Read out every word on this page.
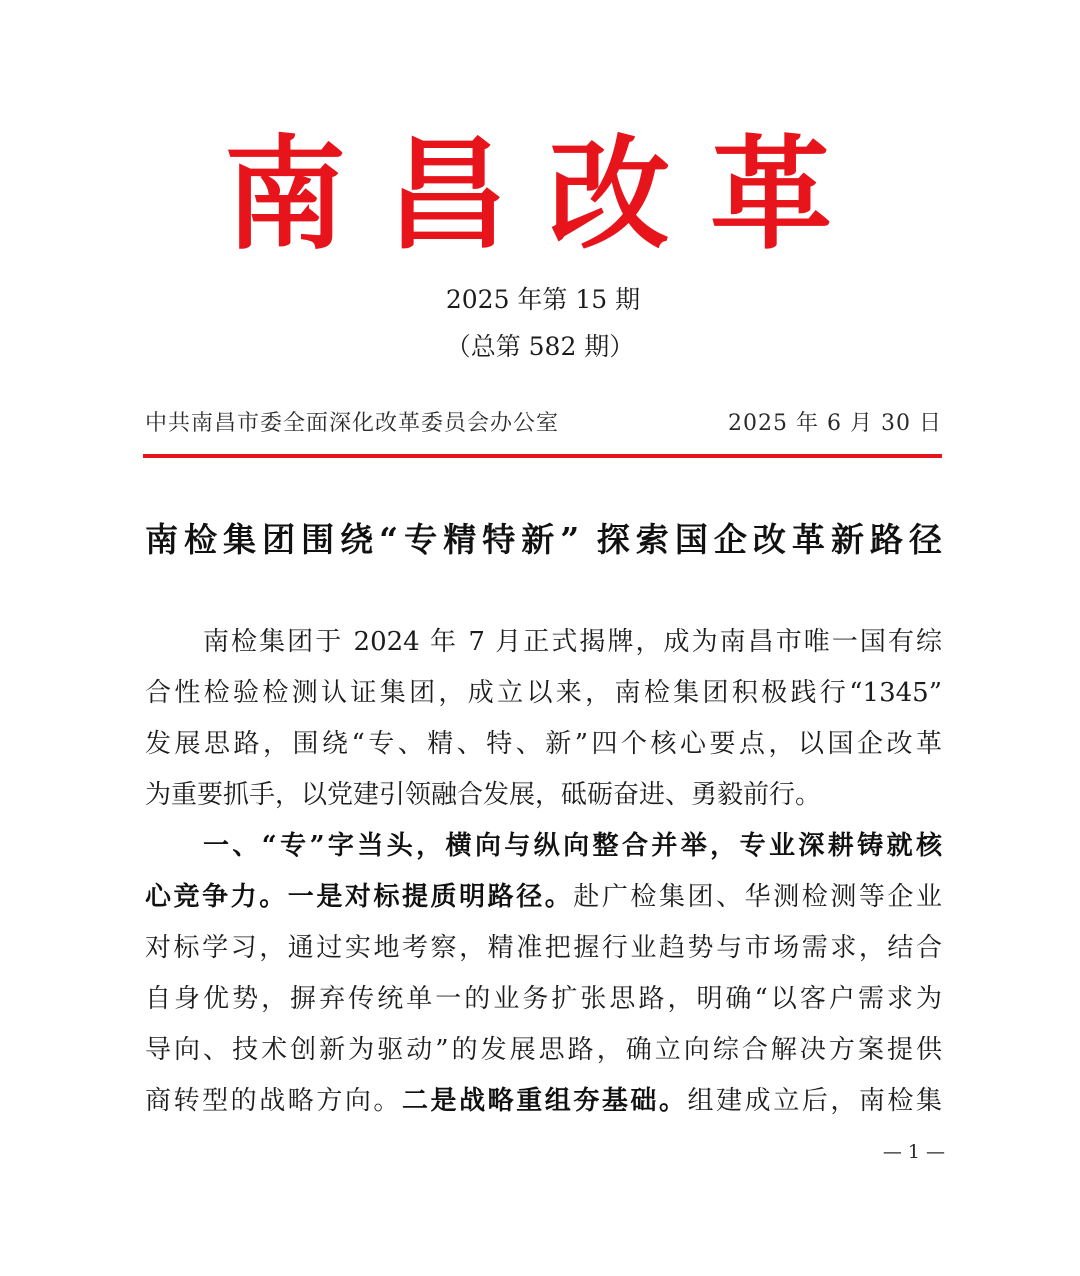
南昌改革
2025 年第 15 期
（总第 582 期）
中共南昌市委全面深化改革委员会办公室	2025 年 6 月 30 日
南检集团围绕“专精特新” 探索国企改革新路径
南检集团于 2024 年 7 月正式揭牌，成为南昌市唯一国有综
合性检验检测认证集团，成立以来，南检集团积极践行“1345”
发展思路，围绕“专、精、特、新”四个核心要点，以国企改革
为重要抓手，以党建引领融合发展，砥砺奋进、勇毅前行。
一、“专”字当头，横向与纵向整合并举，专业深耕铸就核
心竞争力。一是对标提质明路径。赴广检集团、华测检测等企业
对标学习，通过实地考察，精准把握行业趋势与市场需求，结合
自身优势，摒弃传统单一的业务扩张思路，明确“以客户需求为
导向、技术创新为驱动”的发展思路，确立向综合解决方案提供
商转型的战略方向。二是战略重组夯基础。组建成立后，南检集
— 1 —
